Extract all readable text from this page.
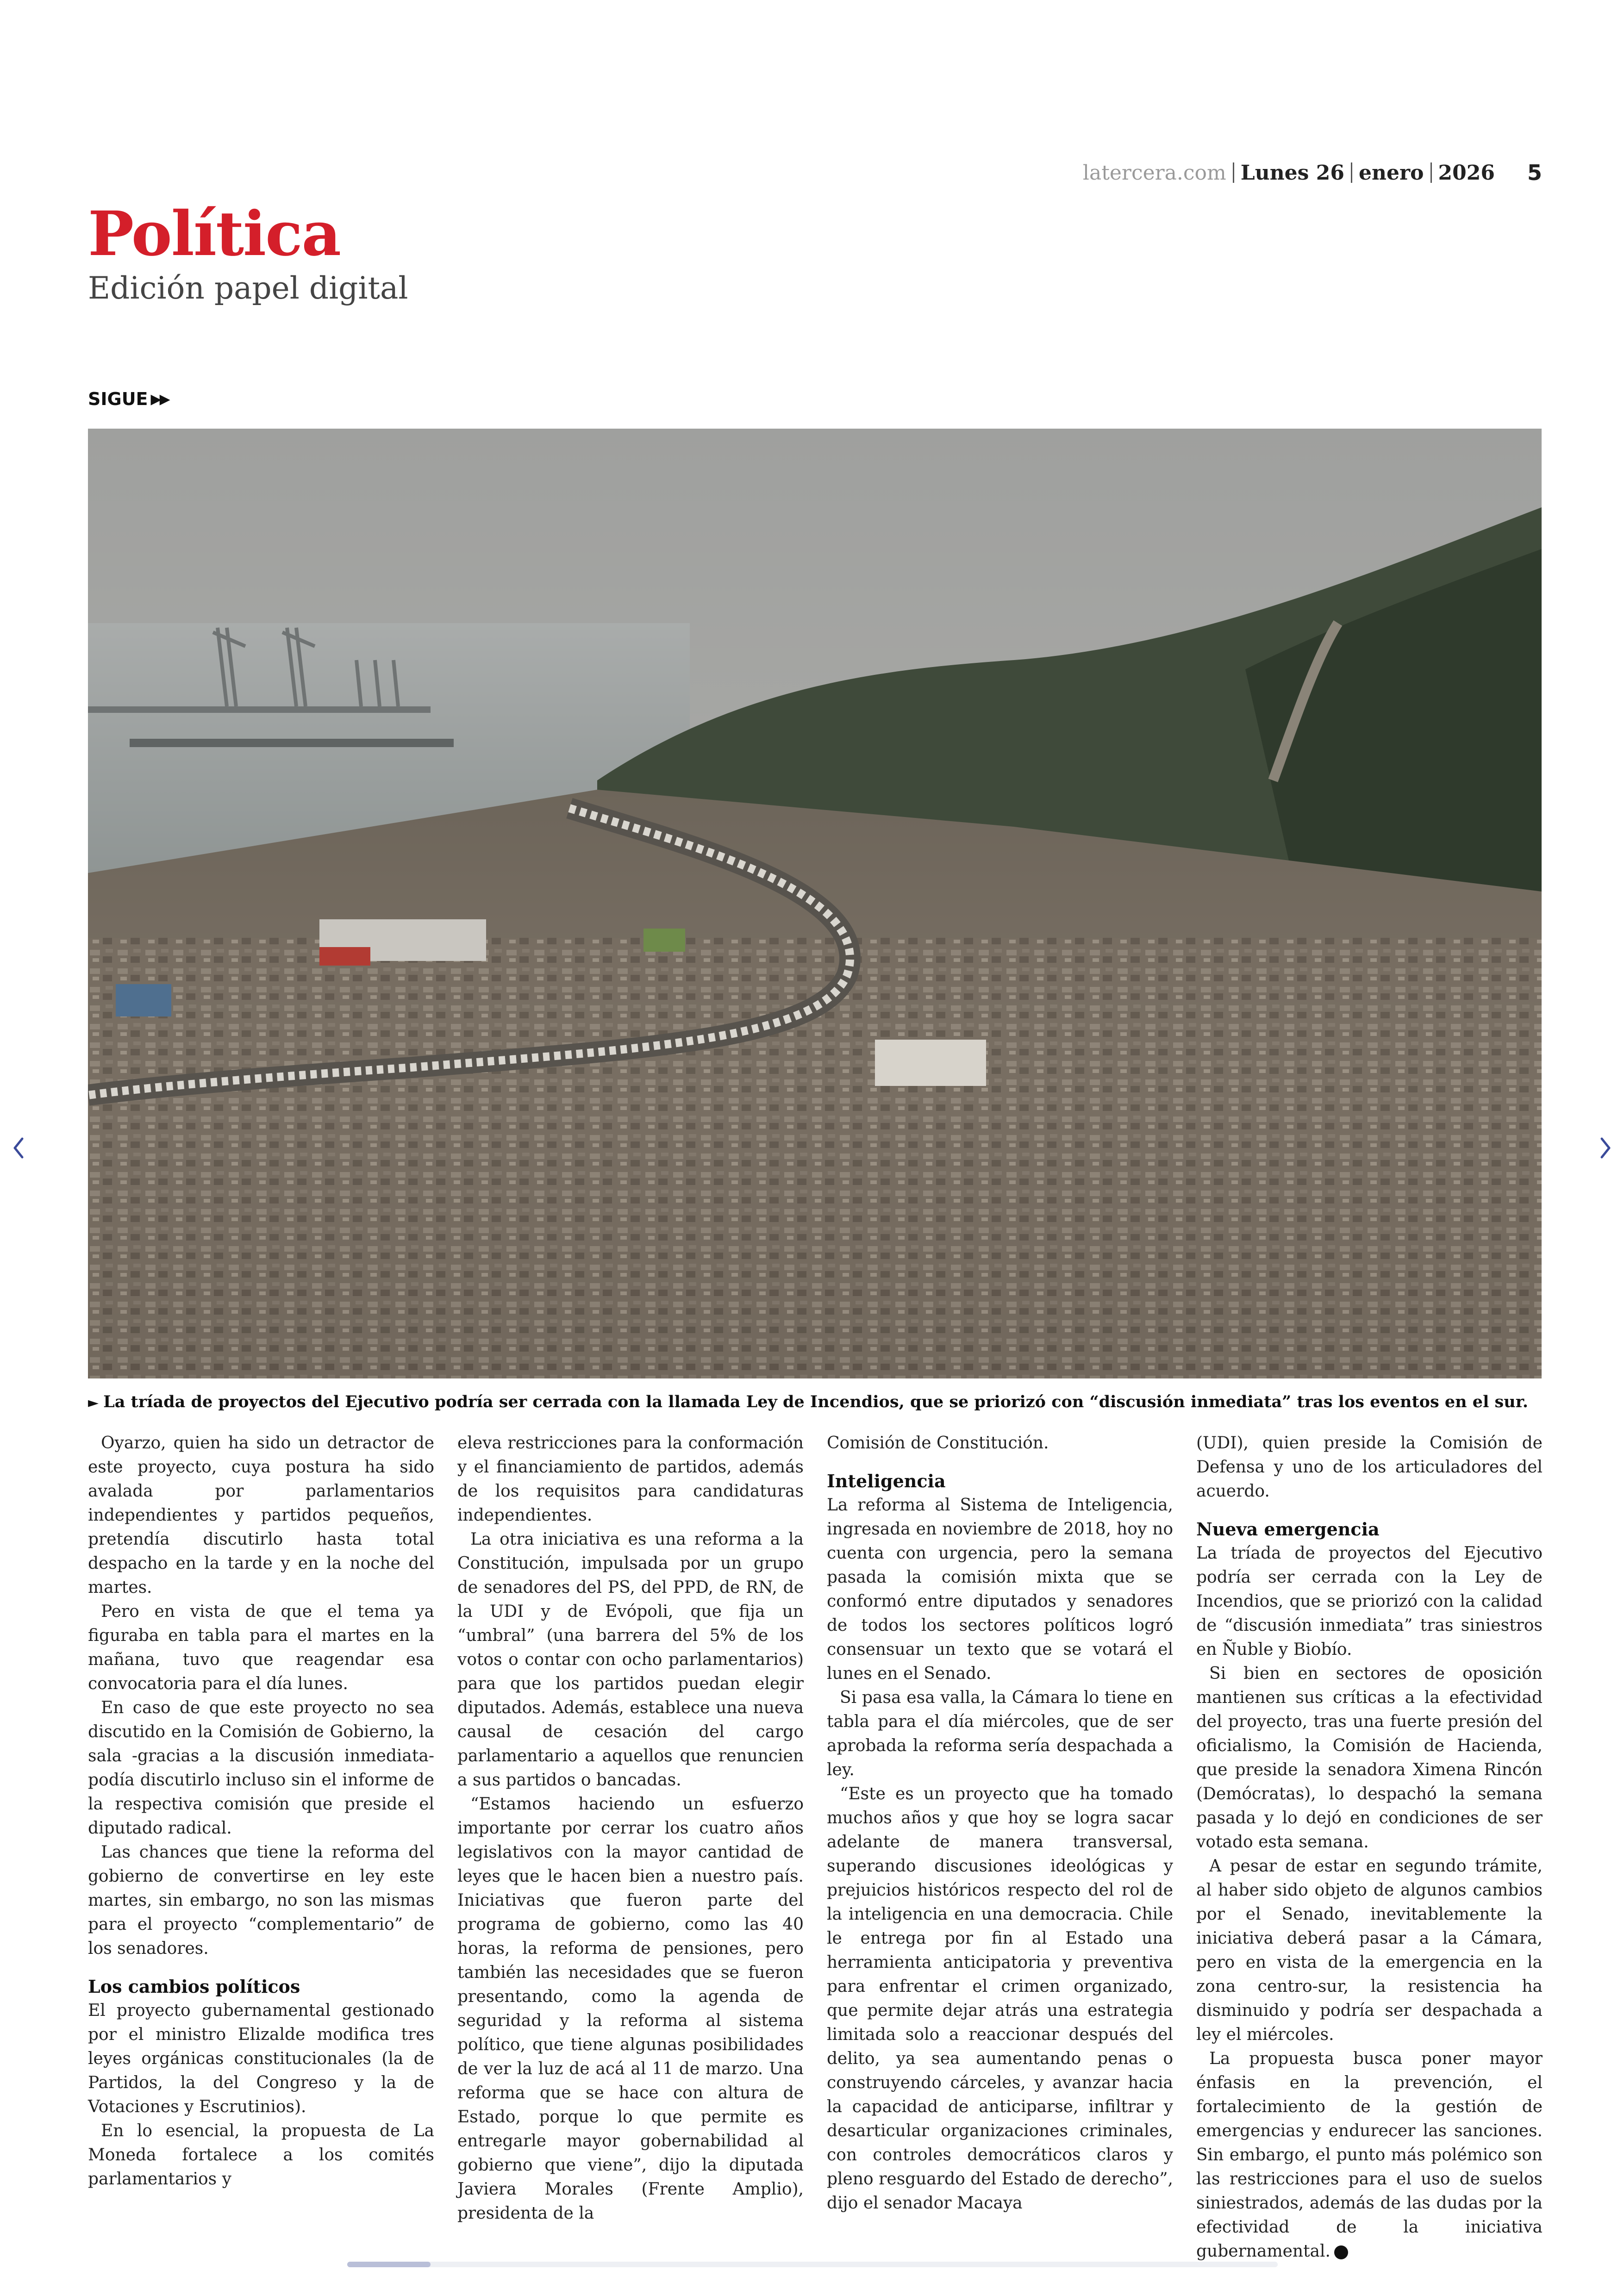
latercera.com Lunes 26 enero 2026 5
Política
Edición papel digital
SIGUE ▶▶
► La tríada de proyectos del Ejecutivo podría ser cerrada con la llamada Ley de Incendios, que se priorizó con “discusión inmediata” tras los eventos en el sur.

Oyarzo, quien ha sido un detractor de este proyecto, cuya postura ha sido avalada por parlamentarios independientes y partidos pequeños, pretendía discutirlo hasta total despacho en la tarde y en la noche del martes.

Pero en vista de que el tema ya figuraba en tabla para el martes en la mañana, tuvo que reagendar esa convocatoria para el día lunes.

En caso de que este proyecto no sea discutido en la Comisión de Gobierno, la sala -gracias a la discusión inmediata- podía discutirlo incluso sin el informe de la respectiva comisión que preside el diputado radical.

Las chances que tiene la reforma del gobierno de convertirse en ley este martes, sin embargo, no son las mismas para el proyecto “complementario” de los senadores.

Los cambios políticos

El proyecto gubernamental gestionado por el ministro Elizalde modifica tres leyes orgánicas constitucionales (la de Partidos, la del Congreso y la de Votaciones y Escrutinios).

En lo esencial, la propuesta de La Moneda fortalece a los comités parlamentarios y

eleva restricciones para la conformación y el financiamiento de partidos, además de los requisitos para candidaturas independientes.

La otra iniciativa es una reforma a la Constitución, impulsada por un grupo de senadores del PS, del PPD, de RN, de la UDI y de Evópoli, que fija un “umbral” (una barrera del 5% de los votos o contar con ocho parlamentarios) para que los partidos puedan elegir diputados. Además, establece una nueva causal de cesación del cargo parlamentario a aquellos que renuncien a sus partidos o bancadas.

“Estamos haciendo un esfuerzo importante por cerrar los cuatro años legislativos con la mayor cantidad de leyes que le hacen bien a nuestro país. Iniciativas que fueron parte del programa de gobierno, como las 40 horas, la reforma de pensiones, pero también las necesidades que se fueron presentando, como la agenda de seguridad y la reforma al sistema político, que tiene algunas posibilidades de ver la luz de acá al 11 de marzo. Una reforma que se hace con altura de Estado, porque lo que permite es entregarle mayor gobernabilidad al gobierno que viene”, dijo la diputada Javiera Morales (Frente Amplio), presidenta de la

Comisión de Constitución.

Inteligencia

La reforma al Sistema de Inteligencia, ingresada en noviembre de 2018, hoy no cuenta con urgencia, pero la semana pasada la comisión mixta que se conformó entre diputados y senadores de todos los sectores políticos logró consensuar un texto que se votará el lunes en el Senado.

Si pasa esa valla, la Cámara lo tiene en tabla para el día miércoles, que de ser aprobada la reforma sería despachada a ley.

“Este es un proyecto que ha tomado muchos años y que hoy se logra sacar adelante de manera transversal, superando discusiones ideológicas y prejuicios históricos respecto del rol de la inteligencia en una democracia. Chile le entrega por fin al Estado una herramienta anticipatoria y preventiva para enfrentar el crimen organizado, que permite dejar atrás una estrategia limitada solo a reaccionar después del delito, ya sea aumentando penas o construyendo cárceles, y avanzar hacia la capacidad de anticiparse, infiltrar y desarticular organizaciones criminales, con controles democráticos claros y pleno resguardo del Estado de derecho”, dijo el senador Macaya

(UDI), quien preside la Comisión de Defensa y uno de los articuladores del acuerdo.

Nueva emergencia

La tríada de proyectos del Ejecutivo podría ser cerrada con la Ley de Incendios, que se priorizó con la calidad de “discusión inmediata” tras siniestros en Ñuble y Biobío.

Si bien en sectores de oposición mantienen sus críticas a la efectividad del proyecto, tras una fuerte presión del oficialismo, la Comisión de Hacienda, que preside la senadora Ximena Rincón (Demócratas), lo despachó la semana pasada y lo dejó en condiciones de ser votado esta semana.

A pesar de estar en segundo trámite, al haber sido objeto de algunos cambios por el Senado, inevitablemente la iniciativa deberá pasar a la Cámara, pero en vista de la emergencia en la zona centro-sur, la resistencia ha disminuido y podría ser despachada a ley el miércoles.

La propuesta busca poner mayor énfasis en la prevención, el fortalecimiento de la gestión de emergencias y endurecer las sanciones. Sin embargo, el punto más polémico son las restricciones para el uso de suelos siniestrados, además de las dudas por la efectividad de la iniciativa gubernamental.
